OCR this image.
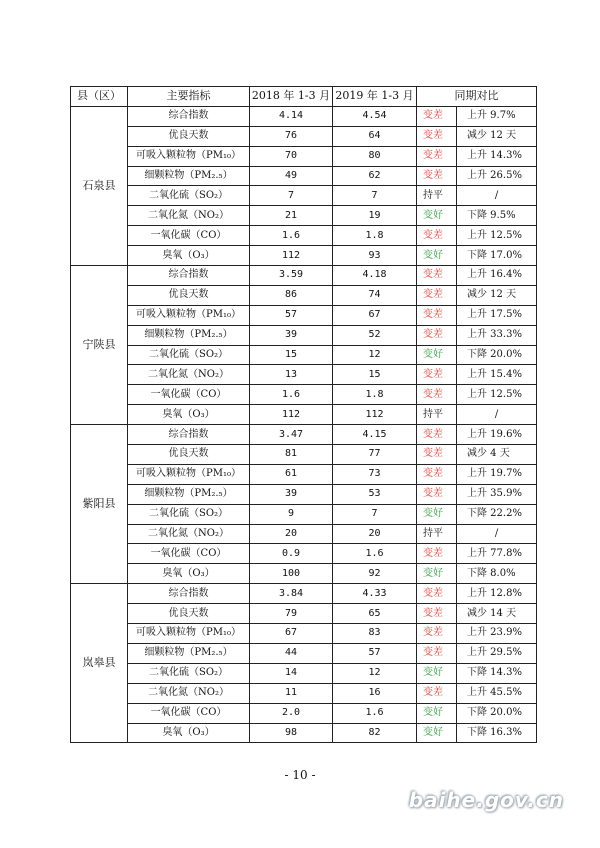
县（区）	主要指标	2018 年 1-3 月	2019 年 1-3 月	同期对比	
石泉县	综合指数	4.14	4.54	变差	上升 9.7%
	优良天数	76	64	变差	减少 12 天
	可吸入颗粒物（PM₁₀）	70	80	变差	上升 14.3%
	细颗粒物（PM₂.₅）	49	62	变差	上升 26.5%
	二氧化硫（SO₂）	7	7	持平	/
	二氧化氮（NO₂）	21	19	变好	下降 9.5%
	一氧化碳（CO）	1.6	1.8	变差	上升 12.5%
	臭氧（O₃）	112	93	变好	下降 17.0%
宁陕县	综合指数	3.59	4.18	变差	上升 16.4%
	优良天数	86	74	变差	减少 12 天
	可吸入颗粒物（PM₁₀）	57	67	变差	上升 17.5%
	细颗粒物（PM₂.₅）	39	52	变差	上升 33.3%
	二氧化硫（SO₂）	15	12	变好	下降 20.0%
	二氧化氮（NO₂）	13	15	变差	上升 15.4%
	一氧化碳（CO）	1.6	1.8	变差	上升 12.5%
	臭氧（O₃）	112	112	持平	/
紫阳县	综合指数	3.47	4.15	变差	上升 19.6%
	优良天数	81	77	变差	减少 4 天
	可吸入颗粒物（PM₁₀）	61	73	变差	上升 19.7%
	细颗粒物（PM₂.₅）	39	53	变差	上升 35.9%
	二氧化硫（SO₂）	9	7	变好	下降 22.2%
	二氧化氮（NO₂）	20	20	持平	/
	一氧化碳（CO）	0.9	1.6	变差	上升 77.8%
	臭氧（O₃）	100	92	变好	下降 8.0%
岚皋县	综合指数	3.84	4.33	变差	上升 12.8%
	优良天数	79	65	变差	减少 14 天
	可吸入颗粒物（PM₁₀）	67	83	变差	上升 23.9%
	细颗粒物（PM₂.₅）	44	57	变差	上升 29.5%
	二氧化硫（SO₂）	14	12	变好	下降 14.3%
	二氧化氮（NO₂）	11	16	变差	上升 45.5%
	一氧化碳（CO）	2.0	1.6	变好	下降 20.0%
	臭氧（O₃）	98	82	变好	下降 16.3%
- 10 -
baihe.gov.cn
